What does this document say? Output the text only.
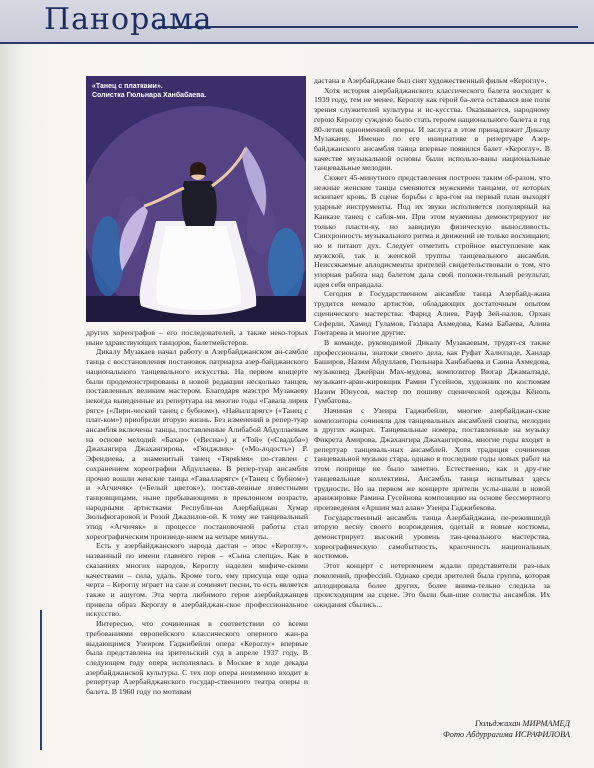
Панорама
«Танец с платками».
Солистка Гюльнара Ханбабаева.

других хореографов – его последователей, а также неко-торых ныне здравствующих танцоров, балетмейстеров.

Дикалу Музакаев начал работу в Азербайджанском ан-самбле танца с восстановления постановок патриарха азер-байджанского национального танцевального искусства. На первом концерте были продемонстрированы в новой редакции несколько танцев, поставленных великим мастером. Благодаря маэстро Музакаеву некогда выведенные из репертуара на многие годы «Гавала лирик рягс» («Лири-ческий танец с бубном»), «Найылгарягс» («Танец с плат-ком») приобрели вторую жизнь. Без изменений в репер-туар ансамбля включены танцы, поставленные Алибабой Абдуллаевым на основе мелодий «Бахар» («Весна») и «Той» («Свадьба») Джахангира Джахангирова, «Гянджлик» («Мо-лодость») Р. Эфендиева, а знаменитый танец «Тяряkмя» по-ставлен с сохранением хореографии Абдуллаева. В репер-туар ансамбля прочно вошли женские танцы «Гавалларягс» («Танец с бубном») и «Агчичяк» («Белый цветок»), постав-ленные известными танцовщицами, ныне пребывающими в преклонном возрасте, народными артистками Республи-ки Азербайджан Хумар Зюльфюгаровой и Розой Джалилов-ой. К тому же танцевальный этюд «Агчичяк» в процессе постановочной работы стал хореографическим произведе-нием на четыре минуты.

Есть у азербайджанского народа дастан – эпос «Кероглу», названный по имени главного героя – «Сына слепца». Как в сказаниях многих народов, Кероглу наделен мифиче-скими качествами – сила, удаль. Кроме того, ему присуща еще одна черта – Кероглу играет на сазе и сочиняет песни, то есть является также и ашугом. Эта черта любимого героя азербайджанцев привела образ Кероглу в азербайджан-ское профессиональное искусство.

Интересно, что сочиненная в соответствии со всеми требованиями европейского классического оперного жан-ра выдающимся Узеиром Гаджибейли опера «Кероглу» впервые была представлена на зрительский суд в апреле 1937 году. В следующем году опера исполнялась в Москве в ходе декады азербайджанской культуры. С тех пор опера неизменно входит в репертуар Азербайджанского государ-ственного театра оперы и балета. В 1960 году по мотивам

дастана в Азербайджане был снят художественный фильм «Кероглу».

Хотя история азербайджанского классического балета восходит к 1939 году, тем не менее, Кероглу как герой ба-лета оставался вне поля зрения служителей культуры и ис-кусства. Оказывается, народному герою Кероглу суждено было стать героем национального балета в год 80-летия одноименной оперы. И заслуга в этом принадлежит Дикалу Музакаеву. Именно по его инициативе в репертуаре Азер-байджанского ансамбля танца впервые появился балет «Кероглу». В качестве музыкальной основы были использо-ваны национальные танцевальные мелодии.

Сюжет 45-минутного представления построен таким об-разом, что нежные женские танцы сменяются мужскими танцами, от которых вскипает кровь. В сцене борьбы с вра-гом на первый план выходят ударные инструменты. Под их звуки исполняется популярный на Кавказе танец с сабля-ми. При этом мужчины демонстрируют не только пласти-ку, но завидную физическую выносливость. Синхронность музыкального ритма и движений не только восхищают, но и питают дух. Следует отметить стройное выступление как мужской, так и женской труппы танцевального ансамбля. Неиссякаемые аплодисменты зрителей свидетельствовали о том, что упорная работа над балетом дала свой положи-тельный результат, идея себя оправдала.

Сегодня в Государственном ансамбле танца Азербайд-жана трудится немало артистов, обладающих достаточным опытом сценического мастерства: Фарид Алиев, Рауф Зей-налов, Орхан Сеферли, Хамид Гуламов, Гюлара Ахмедова, Кама Бабаева, Алина Гонтарева и многие другие.

В команде, руководимой Дикалу Музакаевым, трудят-ся также профессионалы, знатоки своего дела, как Руфат Халилзаде, Ханлар Баширов, Назим Абдуллаев, Гюльнара Ханбабаева и Саина Ахмедова, музыковед Джейран Мах-мудова, композитор Вюгар Джамалзаде, музыкант-аран-жировщик Рамин Гусейнов, художник по костюмам Назим Юнусов, мастер по пошиву сценической одежды Кёноль Гумбатова.

Начиная с Узеира Гаджибейли, многие азербайджан-ские композиторы сочиняли для танцевальных ансамблей сюиты, мелодии в других жанрах. Танцевальные номера, поставленные на музыку Фикрета Амирова, Джахангира Джахангирова, многие годы входят в репертуар танцеваль-ных ансамблей. Хотя традиция сочинения танцевальной музыки стара, однако в последние годы новых работ на этом поприще не было заметно. Естественно, как и дру-гие танцевальные коллективы, Ансамбль танца испытывал здесь трудности. Но на первом же концерте зрители услы-шали в новой аранжировке Рамина Гусейнова композицию на основе бессмертного произведения «Аршин мал алан» Узеира Гаджибекова.

Государственный ансамбль танца Азербайджана, пе-режившидй вторую весну своего возрождения, одетый в новые костюмы, демонстрирует высокий уровень тан-цевального мастерства, хореографическую самобытность, красочность национальных костюмов.

Этот концерт с нетерпением ждали представители раз-ных поколений, профессий. Однако среди зрителей была группа, которая аплодировала более других, более внима-тельно следила за происходящим на сцене. Это были быв-шие солисты ансамбля. Их ожидания сбылись...

Гюльджахан МИРМАМЕД
Фото Абдуррагима ИСРАФИЛОВА
